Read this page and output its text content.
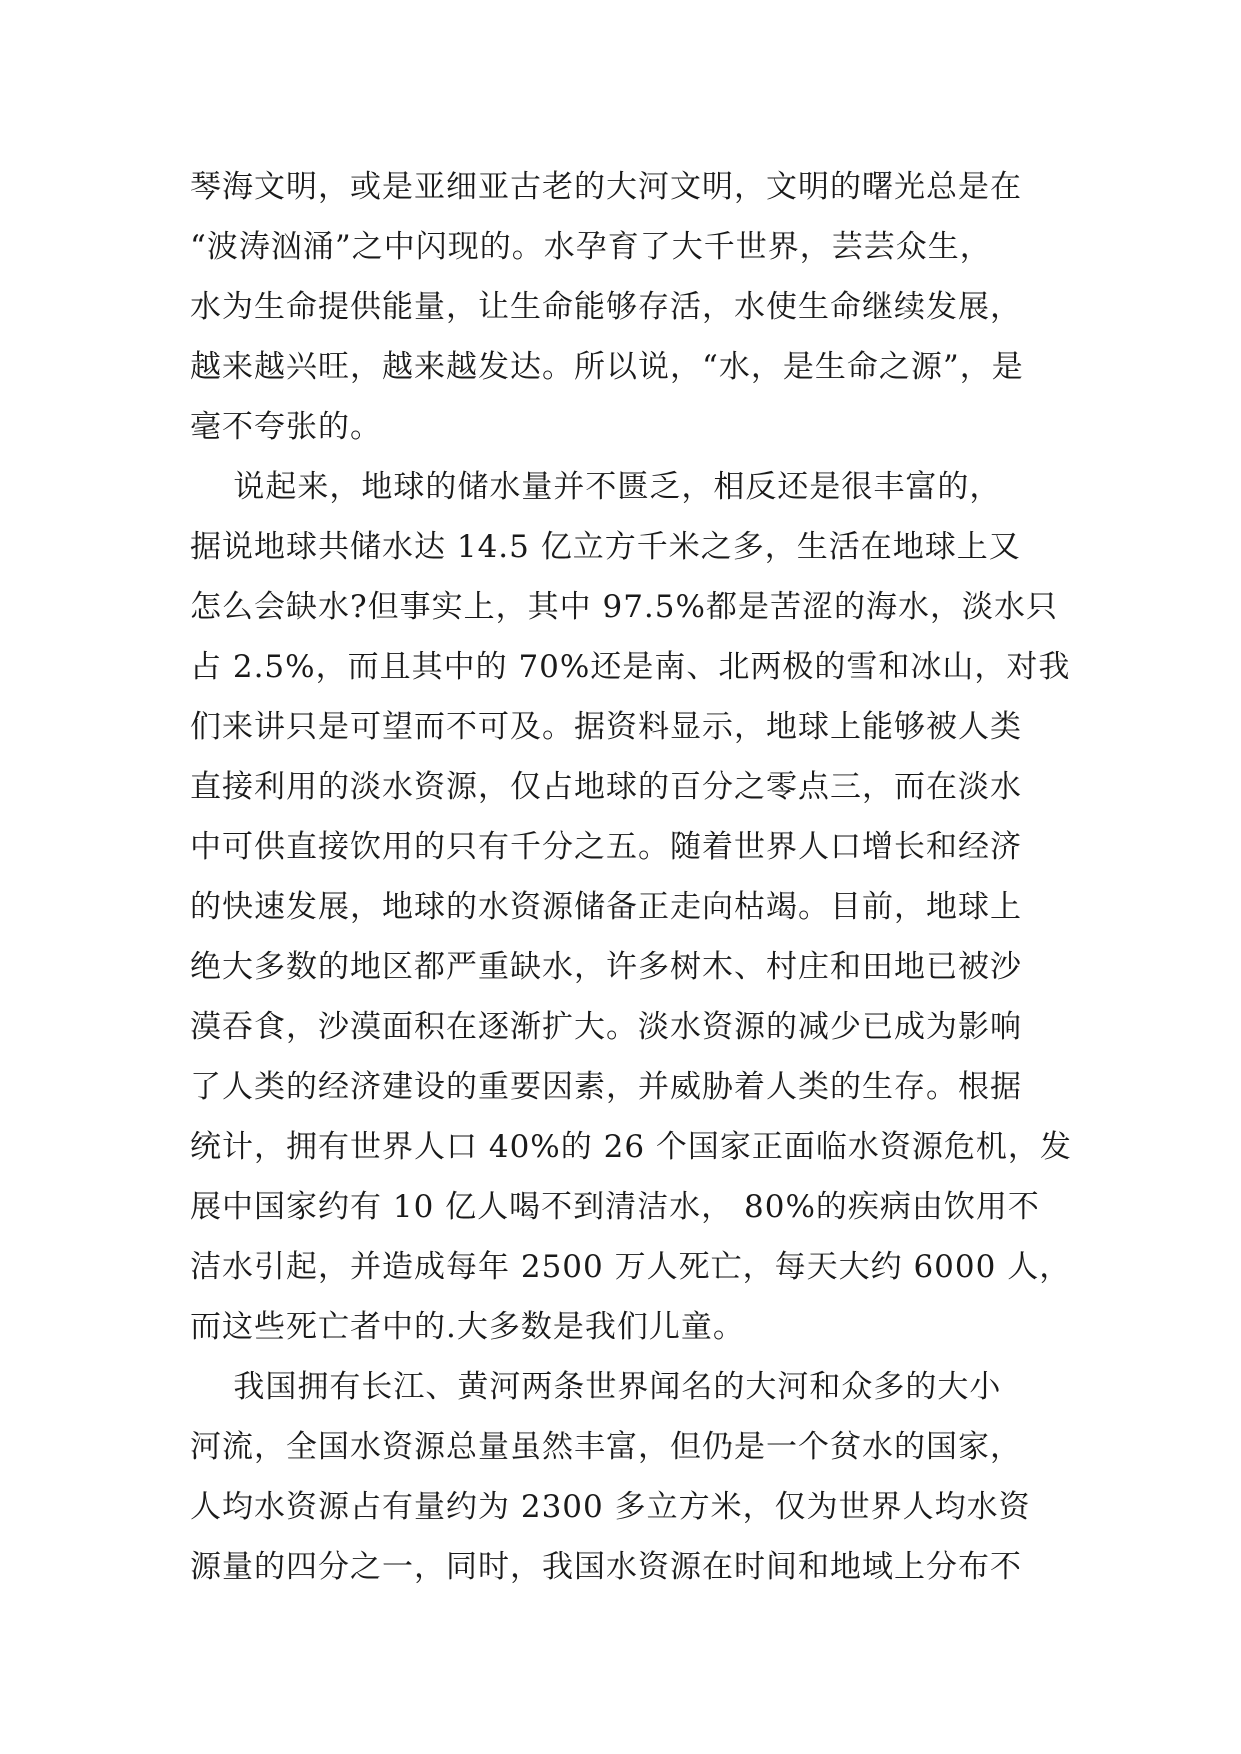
琴海文明，或是亚细亚古老的大河文明，文明的曙光总是在
“波涛汹涌”之中闪现的。水孕育了大千世界，芸芸众生，
水为生命提供能量，让生命能够存活，水使生命继续发展，
越来越兴旺，越来越发达。所以说，“水，是生命之源”，是
毫不夸张的。
说起来，地球的储水量并不匮乏，相反还是很丰富的，
据说地球共储水达 14.5 亿立方千米之多，生活在地球上又
怎么会缺水?但事实上，其中 97.5%都是苦涩的海水，淡水只
占 2.5%，而且其中的 70%还是南、北两极的雪和冰山，对我
们来讲只是可望而不可及。据资料显示，地球上能够被人类
直接利用的淡水资源，仅占地球的百分之零点三，而在淡水
中可供直接饮用的只有千分之五。随着世界人口增长和经济
的快速发展，地球的水资源储备正走向枯竭。目前，地球上
绝大多数的地区都严重缺水，许多树木、村庄和田地已被沙
漠吞食，沙漠面积在逐渐扩大。淡水资源的减少已成为影响
了人类的经济建设的重要因素，并威胁着人类的生存。根据
统计，拥有世界人口 40%的 26 个国家正面临水资源危机，发
展中国家约有 10 亿人喝不到清洁水， 80%的疾病由饮用不
洁水引起，并造成每年 2500 万人死亡，每天大约 6000 人，
而这些死亡者中的.大多数是我们儿童。
我国拥有长江、黄河两条世界闻名的大河和众多的大小
河流，全国水资源总量虽然丰富，但仍是一个贫水的国家，
人均水资源占有量约为 2300 多立方米，仅为世界人均水资
源量的四分之一，同时，我国水资源在时间和地域上分布不
